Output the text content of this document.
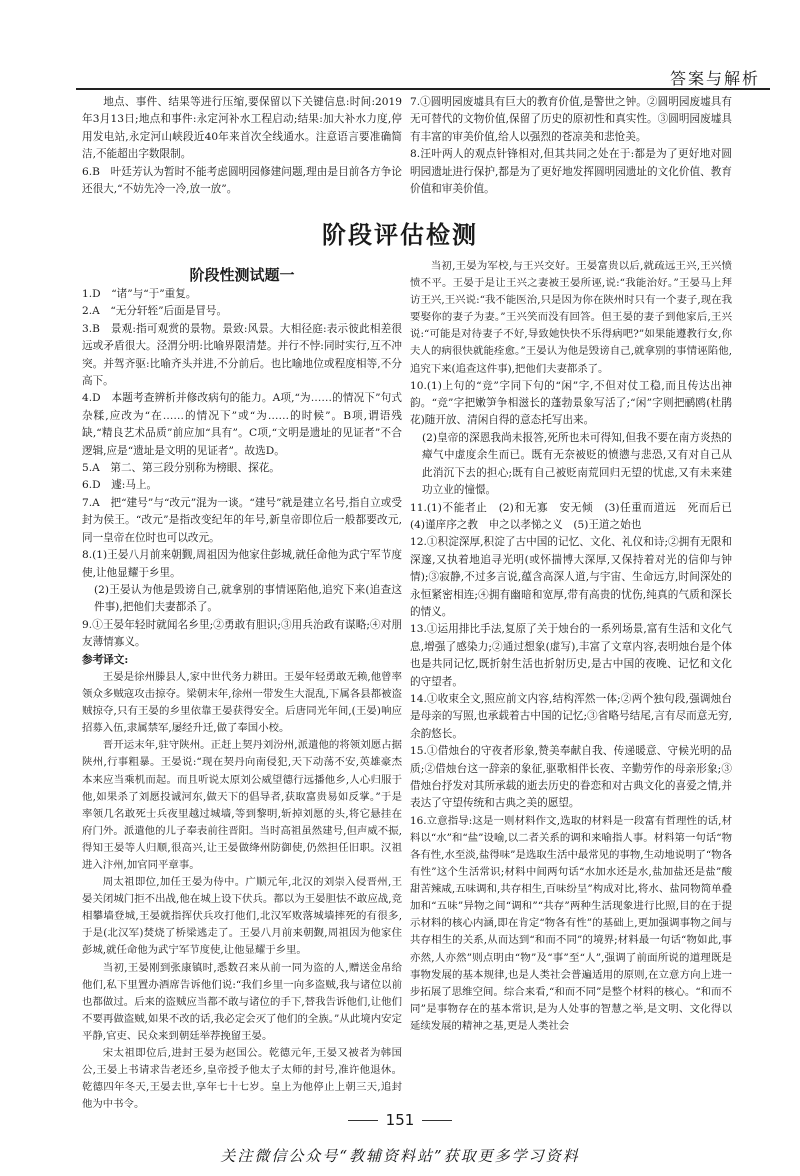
答案与解析

地点、事件、结果等进行压缩,要保留以下关键信息:时间:2019年3月13日;地点和事件:永定河补水工程启动;结果:加大补水力度,停用发电站,永定河山峡段近40年来首次全线通水。注意语言要准确简洁,不能超出字数限制。

6.B　叶廷芳认为暂时不能考虑圆明园修建问题,理由是目前各方争论还很大,“不妨先冷一冷,放一放”。

7.①圆明园废墟具有巨大的教育价值,是警世之钟。②圆明园废墟具有无可替代的文物价值,保留了历史的原初性和真实性。③圆明园废墟具有丰富的审美价值,给人以强烈的苍凉美和悲怆美。

8.汪叶两人的观点针锋相对,但其共同之处在于:都是为了更好地对圆明园遗址进行保护,都是为了更好地发挥圆明园遗址的文化价值、教育价值和审美价值。

阶段评估检测
阶段性测试题一

1.D　“诸”与“于”重复。

2.A　“无分轩轾”后面是冒号。

3.B　景观:指可观赏的景物。景致:风景。大相径庭:表示彼此相差很远或矛盾很大。泾渭分明:比喻界限清楚。并行不悖:同时实行,互不冲突。并驾齐驱:比喻齐头并进,不分前后。也比喻地位或程度相等,不分高下。

4.D　本题考查辨析并修改病句的能力。A项,“为……的情况下”句式杂糅,应改为“在……的情况下”或“为……的时候”。B项,谓语残缺,“精良艺术品质”前应加“具有”。C项,“文明是遗址的见证者”不合逻辑,应是“遗址是文明的见证者”。故选D。

5.A　第二、第三段分别称为榜眼、探花。

6.D　遽:马上。

7.A　把“建号”与“改元”混为一谈。“建号”就是建立名号,指自立或受封为侯王。“改元”是指改变纪年的年号,新皇帝即位后一般都要改元,同一皇帝在位时也可以改元。

8.(1)王晏八月前来朝觐,周祖因为他家住彭城,就任命他为武宁军节度使,让他显耀于乡里。

(2)王晏认为他是毁谤自己,就拿别的事情诬陷他,追究下来(追查这件事),把他们夫妻都杀了。

9.①王晏年轻时就闻名乡里;②勇敢有胆识;③用兵治政有谋略;④对朋友薄情寡义。

参考译文:

王晏是徐州滕县人,家中世代务力耕田。王晏年轻勇敢无赖,他曾率领众多贼寇攻击掠夺。梁朝末年,徐州一带发生大混乱,下属各县都被盗贼掠夺,只有王晏的乡里依靠王晏获得安全。后唐同光年间,(王晏)响应招募入伍,隶属禁军,屡经升迁,做了奉国小校。

晋开运末年,驻守陕州。正赶上契丹刘汾州,派遣他的将领刘愿占据陕州,行事粗暴。王晏说:“现在契丹向南侵犯,天下动荡不安,英雄豪杰本来应当乘机而起。而且听说太原刘公威望德行远播他乡,人心归服于他,如果杀了刘愿投诚河东,做天下的倡导者,获取富贵易如反掌。”于是率领几名敢死士兵夜里越过城墙,等到黎明,斩掉刘愿的头,将它悬挂在府门外。派遣他的儿子奉表前往晋阳。当时高祖虽然建号,但声威不振,得知王晏等人归顺,很高兴,让王晏做绛州防御使,仍然担任旧职。汉祖进入汴州,加官同平章事。

周太祖即位,加任王晏为侍中。广顺元年,北汉的刘崇入侵晋州,王晏关闭城门拒不出战,他在城上设下伏兵。都以为王晏胆怯不敢应战,竞相攀墙登城,王晏就指挥伏兵攻打他们,北汉军败落城墙摔死的有很多,于是(北汉军)焚烧了桥梁逃走了。王晏八月前来朝觐,周祖因为他家住彭城,就任命他为武宁军节度使,让他显耀于乡里。

当初,王晏刚到张康镇时,悉数召来从前一同为盗的人,赠送金帛给他们,私下里置办酒席告诉他们说:“我们乡里一向多盗贼,我与诸位以前也都做过。后来的盗贼应当都不敢与诸位的手下,替我告诉他们,让他们不要再做盗贼,如果不改的话,我必定会灭了他们的全族。”从此境内安定平静,官吏、民众来到朝廷举荐挽留王晏。

宋太祖即位后,进封王晏为赵国公。乾德元年,王晏又被者为韩国公,王晏上书请求告老还乡,皇帝授予他太子太师的封号,准许他退休。乾德四年冬天,王晏去世,享年七十七岁。皇上为他停止上朝三天,追封他为中书令。

当初,王晏为军校,与王兴交好。王晏富贵以后,就疏远王兴,王兴愤愤不平。王晏于是让王兴之妻被王晏所诬,说:“我能治好。”王晏马上拜访王兴,王兴说:“我不能医治,只是因为你在陕州时只有一个妻子,现在我要娶你的妻子为妻。”王兴笑而没有回答。但王晏的妻子到他家后,王兴说:“可能是对待妻子不好,导致她快快不乐得病吧?”如果能遵教行女,你夫人的病很快就能痊愈。”王晏认为他是毁谤自己,就拿别的事情诬陷他,追究下来(追查这件事),把他们夫妻都杀了。

10.(1)上句的“竞”字同下句的“闲”字,不但对仗工稳,而且传达出神韵。“竞”字把嫩笋争相滋长的蓬勃景象写活了;“闲”字则把鹂鸥(杜鹃花)随开放、清闲自得的意态托写出来。

(2)皇帝的深恩我尚未报答,死所也未可得知,但我不要在南方炎热的瘴气中虚度余生而已。既有无奈被贬的愤懑与悲恐,又有对自己从此消沉下去的担心;既有自己被贬南荒回归无望的忧虑,又有未来建功立业的憧憬。

11.(1)不能者止　(2)和无寡　安无倾　(3)任重而道远　死而后已　(4)谨庠序之教　申之以孝悌之义　(5)王道之始也

12.①积淀深厚,积淀了古中国的记忆、文化、礼仪和诗;②拥有无限和深邃,又执着地追寻光明(或怀揣博大深厚,又保持着对光的信仰与钟情);③寂静,不过多言说,蕴含高深人道,与宇宙、生命远方,时间深处的永恒紧密相连;④拥有幽暗和宽厚,带有高贵的忧伤,纯真的气质和深长的情义。

13.①运用排比手法,复原了关于烛台的一系列场景,富有生活和文化气息,增强了感染力;②通过想象(虚写),丰富了文章内容,表明烛台是个体也是共同记忆,既折射生活也折射历史,是古中国的夜晚、记忆和文化的守望者。

14.①收束全文,照应前文内容,结构浑然一体;②两个独句段,强调烛台是母亲的写照,也承载着古中国的记忆;③省略号结尾,言有尽而意无穷,余韵悠长。

15.①借烛台的守夜者形象,赞美奉献自我、传递暖意、守候光明的品质;②借烛台这一辞亲的象征,驱歌相伴长夜、辛勤劳作的母亲形象;③借烛台抒发对其所承载的逝去历史的眷恋和对古典文化的喜爱之情,并表达了守望传统和古典之美的愿望。

16.立意指导:这是一则材料作文,选取的材料是一段富有哲理性的话,材料以“水”和“盐”设喻,以二者关系的调和来喻指人事。材料第一句话“物各有性,水至淡,盐得味”是选取生活中最常见的事物,生动地说明了“物各有性”这个生活常识;材料中间两句话“水加水还是水,盐加盐还是盐”酸甜苦辣咸,五味调和,共存相生,百味纷呈”构成对比,将水、盐同物简单叠加和“五味”异物之间“调和”“共存”两种生活现象进行比照,目的在于提示材料的核心内涵,即在肯定“物各有性”的基础上,更加强调事物之间与共存相生的关系,从而达到“和而不同”的境界;材料最一句话“物如此,事亦然,人亦然”则点明由“物”及“事”至“人”,强调了前面所说的道理既是事物发展的基本规律,也是人类社会普遍适用的原则,在立意方向上进一步拓展了思维空间。综合来看,“和而不同”是整个材料的核心。“和而不同”是事物存在的基本常识,是为人处事的智慧之举,是文明、文化得以延续发展的精神之基,更是人类社会

151
关注微信公众号“教辅资料站”获取更多学习资料
